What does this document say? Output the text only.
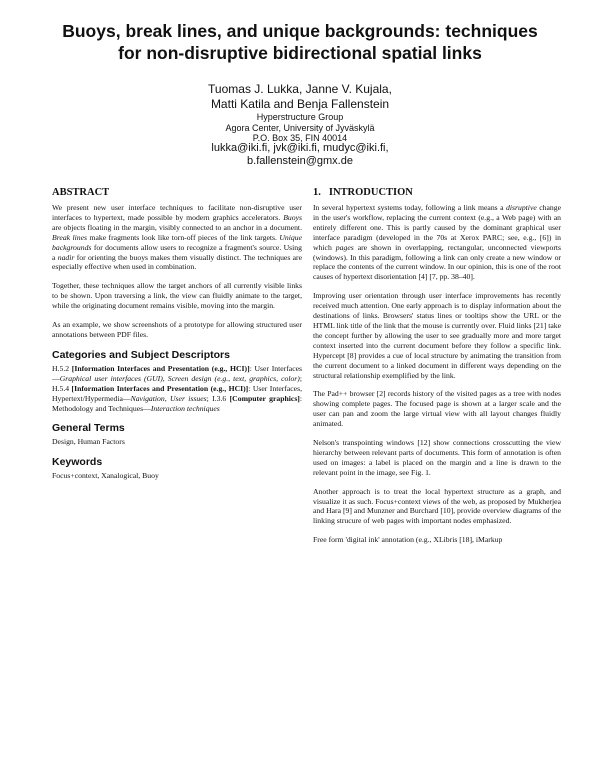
Buoys, break lines, and unique backgrounds: techniques
for non-disruptive bidirectional spatial links
Tuomas J. Lukka, Janne V. Kujala,
Matti Katila and Benja Fallenstein
Hyperstructure Group
Agora Center, University of Jyväskylä
P.O. Box 35, FIN 40014
lukka@iki.fi, jvk@iki.fi, mudyc@iki.fi,
b.fallenstein@gmx.de
ABSTRACT

We present new user interface techniques to facilitate non-disruptive user interfaces to hypertext, made possible by modern graphics accelerators. Buoys are objects floating in the margin, visibly connected to an anchor in a document. Break lines make fragments look like torn-off pieces of the link targets. Unique backgrounds for documents allow users to recognize a fragment's source. Using a nadir for orienting the buoys makes them visually distinct. The techniques are especially effective when used in combination.

Together, these techniques allow the target anchors of all currently visible links to be shown. Upon traversing a link, the view can fluidly animate to the target, while the originating document remains visible, moving into the margin.

As an example, we show screenshots of a prototype for allowing structured user annotations between PDF files.

Categories and Subject Descriptors

H.5.2 [Information Interfaces and Presentation (e.g., HCI)]: User Interfaces—Graphical user interfaces (GUI), Screen design (e.g., text, graphics, color); H.5.4 [Information Interfaces and Presentation (e.g., HCI)]: User Interfaces, Hypertext/Hypermedia—Navigation, User issues; I.3.6 [Computer graphics]: Methodology and Techniques—Interaction techniques

General Terms

Design, Human Factors

Keywords

Focus+context, Xanalogical, Buoy

1. INTRODUCTION

In several hypertext systems today, following a link means a disruptive change in the user's workflow, replacing the current context (e.g., a Web page) with an entirely different one. This is partly caused by the dominant graphical user interface paradigm (developed in the 70s at Xerox PARC; see, e.g., [6]) in which pages are shown in overlapping, rectangular, unconnected viewports (windows). In this paradigm, following a link can only create a new window or replace the contents of the current window. In our opinion, this is one of the root causes of hypertext disorientation [4] [7, pp. 38–40].

Improving user orientation through user interface improvements has recently received much attention. One early approach is to display information about the destinations of links. Browsers' status lines or tooltips show the URL or the HTML link title of the link that the mouse is currently over. Fluid links [21] take the concept further by allowing the user to see gradually more and more target context inserted into the current document before they follow a specific link. Hypercept [8] provides a cue of local structure by animating the transition from the current document to a linked document in different ways depending on the structural relationship exemplified by the link.

The Pad++ browser [2] records history of the visited pages as a tree with nodes showing complete pages. The focused page is shown at a larger scale and the user can pan and zoom the large virtual view with all layout changes fluidly animated.

Nelson's transpointing windows [12] show connections crosscutting the view hierarchy between relevant parts of documents. This form of annotation is often used on images: a label is placed on the margin and a line is drawn to the relevant point in the image, see Fig. 1.

Another approach is to treat the local hypertext structure as a graph, and visualize it as such. Focus+context views of the web, as proposed by Mukherjea and Hara [9] and Munzner and Burchard [10], provide overview diagrams of the linking strucure of web pages with important nodes emphasized.

Free form 'digital ink' annotation (e.g., XLibris [18], iMarkup
